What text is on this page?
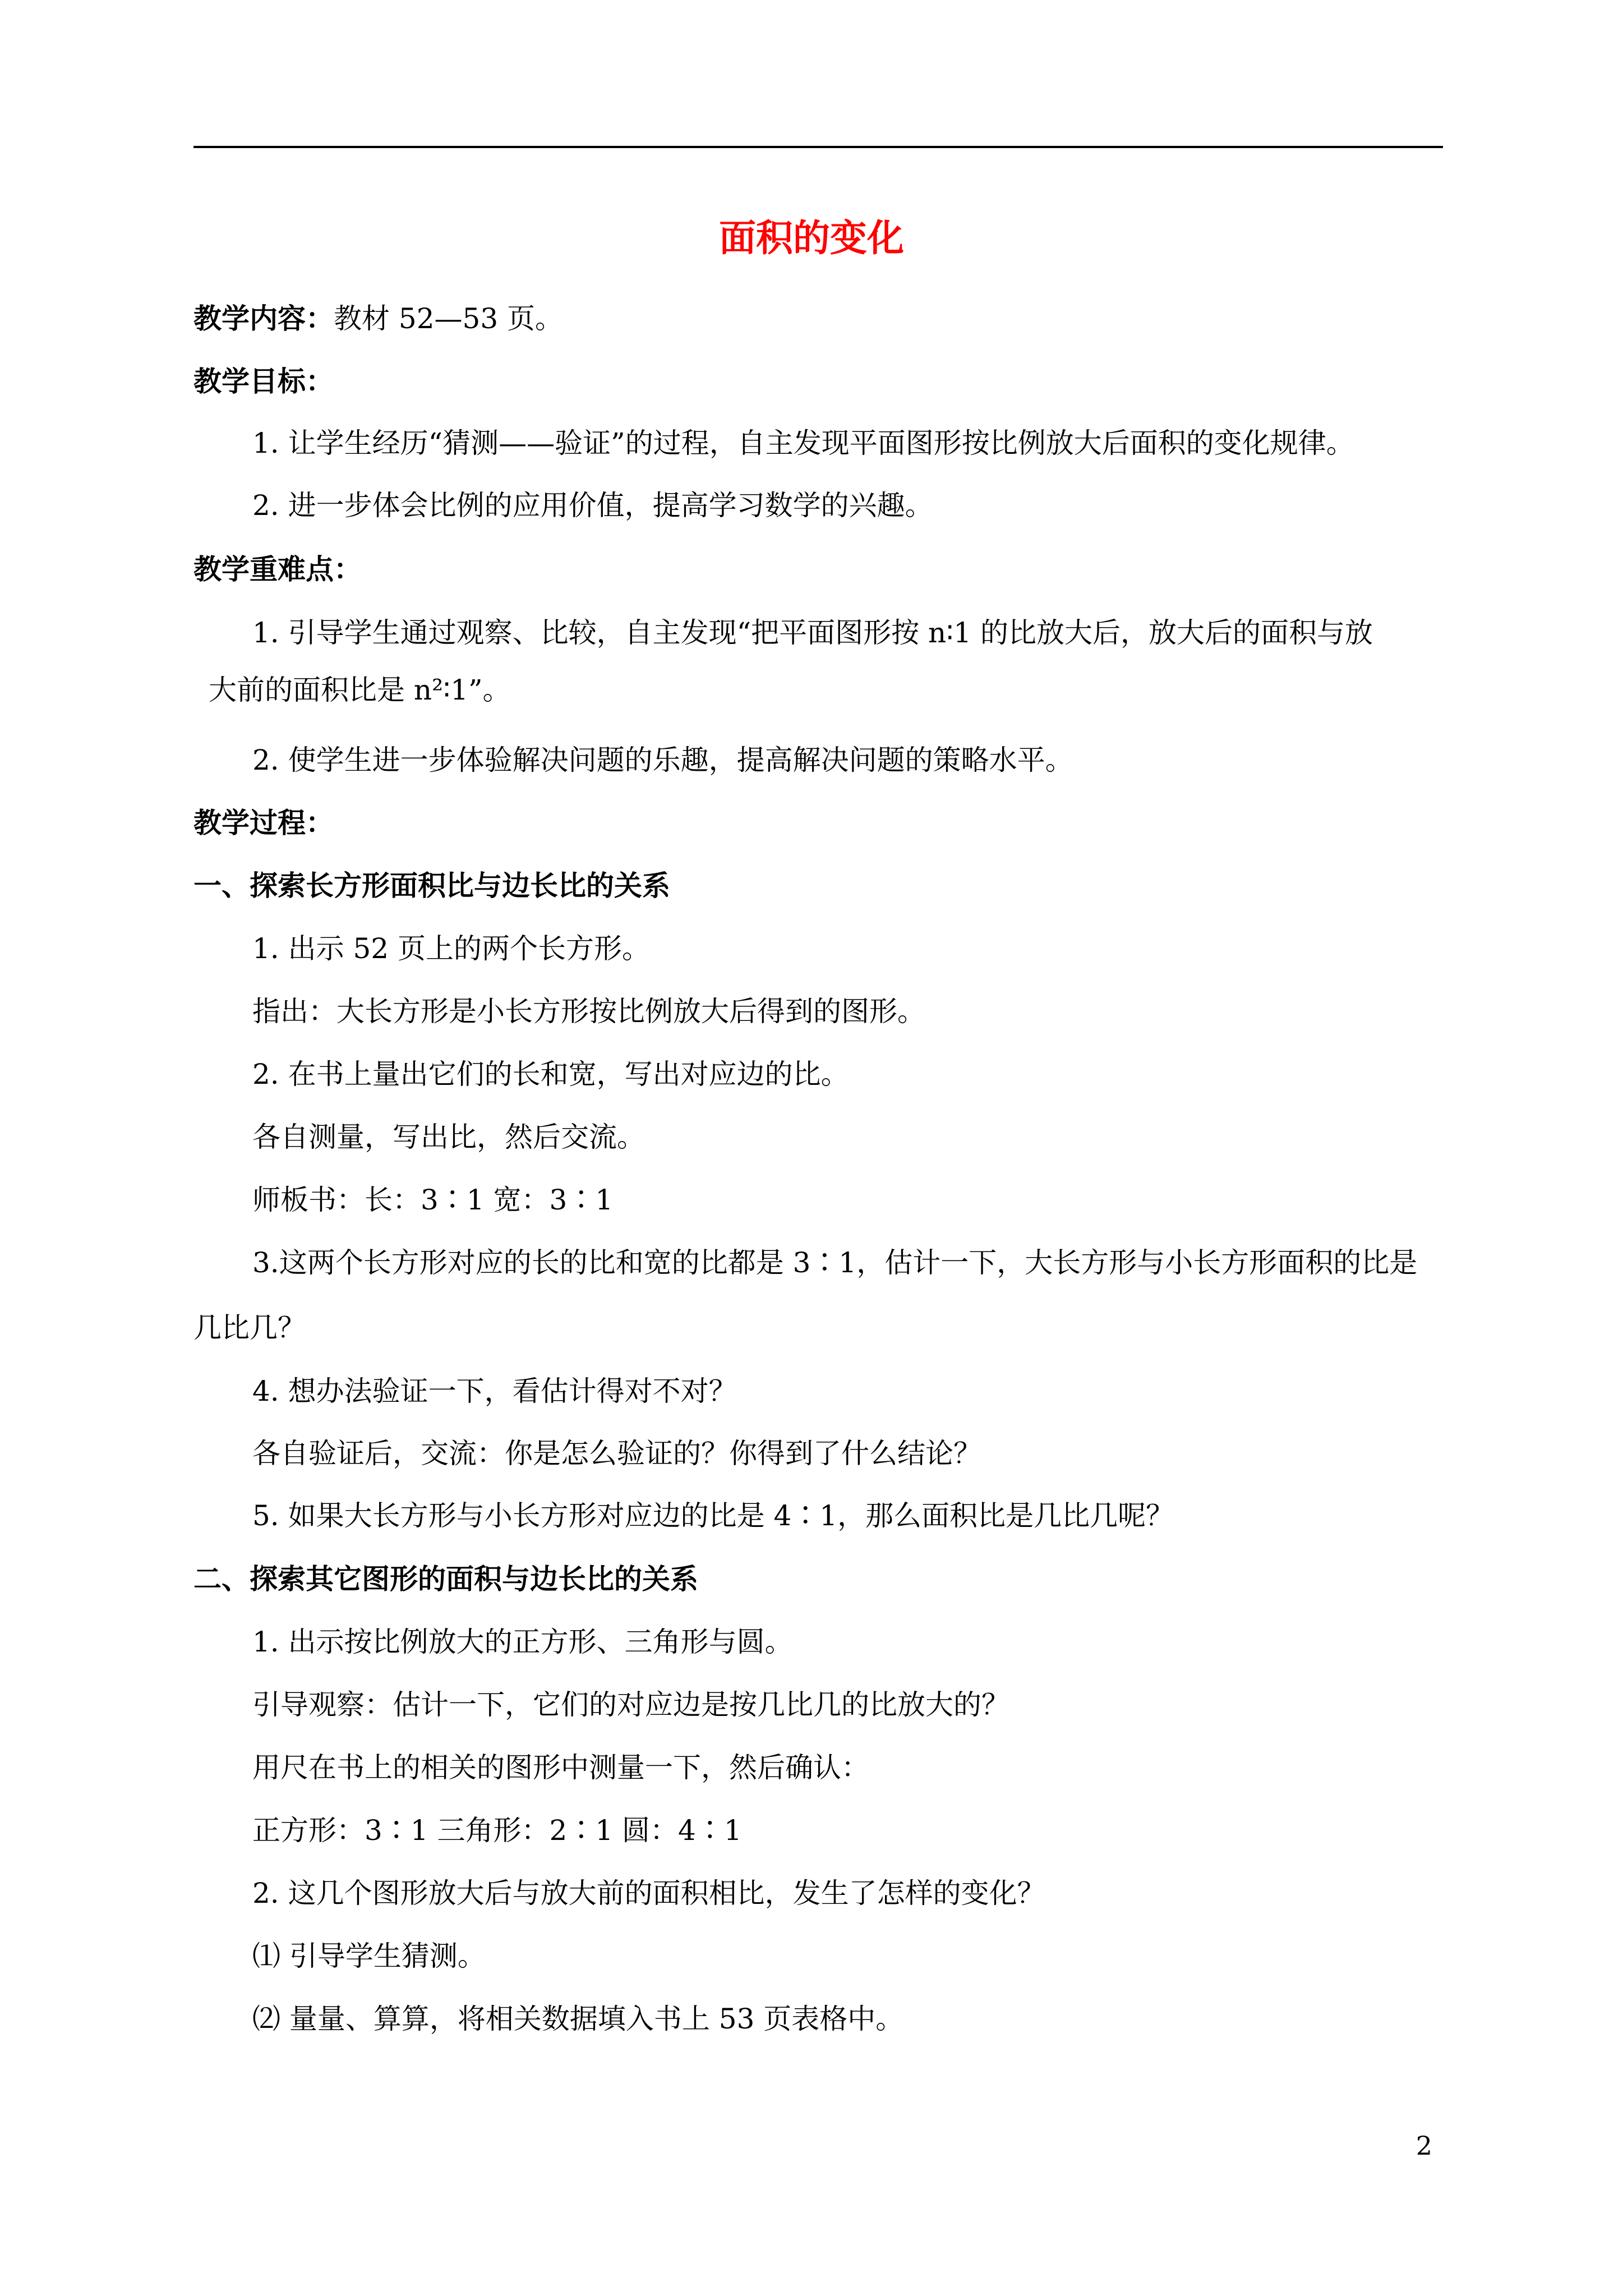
面积的变化
教学内容：教材 52—53 页。
教学目标：
1. 让学生经历“猜测——验证”的过程，自主发现平面图形按比例放大后面积的变化规律。
2. 进一步体会比例的应用价值，提高学习数学的兴趣。
教学重难点：
1. 引导学生通过观察、比较，自主发现“把平面图形按 n∶1 的比放大后，放大后的面积与放
大前的面积比是 n²∶1”。
2. 使学生进一步体验解决问题的乐趣，提高解决问题的策略水平。
教学过程：
一、探索长方形面积比与边长比的关系
1. 出示 52 页上的两个长方形。
指出：大长方形是小长方形按比例放大后得到的图形。
2. 在书上量出它们的长和宽，写出对应边的比。
各自测量，写出比，然后交流。
师板书：长：3∶1 宽：3∶1
3.这两个长方形对应的长的比和宽的比都是 3∶1，估计一下，大长方形与小长方形面积的比是
几比几？
4. 想办法验证一下，看估计得对不对？
各自验证后，交流：你是怎么验证的？你得到了什么结论？
5. 如果大长方形与小长方形对应边的比是 4∶1，那么面积比是几比几呢？
二、探索其它图形的面积与边长比的关系
1. 出示按比例放大的正方形、三角形与圆。
引导观察：估计一下，它们的对应边是按几比几的比放大的？
用尺在书上的相关的图形中测量一下，然后确认：
正方形：3∶1 三角形：2∶1 圆：4∶1
2. 这几个图形放大后与放大前的面积相比，发生了怎样的变化？
⑴ 引导学生猜测。
⑵ 量量、算算，将相关数据填入书上 53 页表格中。
2
